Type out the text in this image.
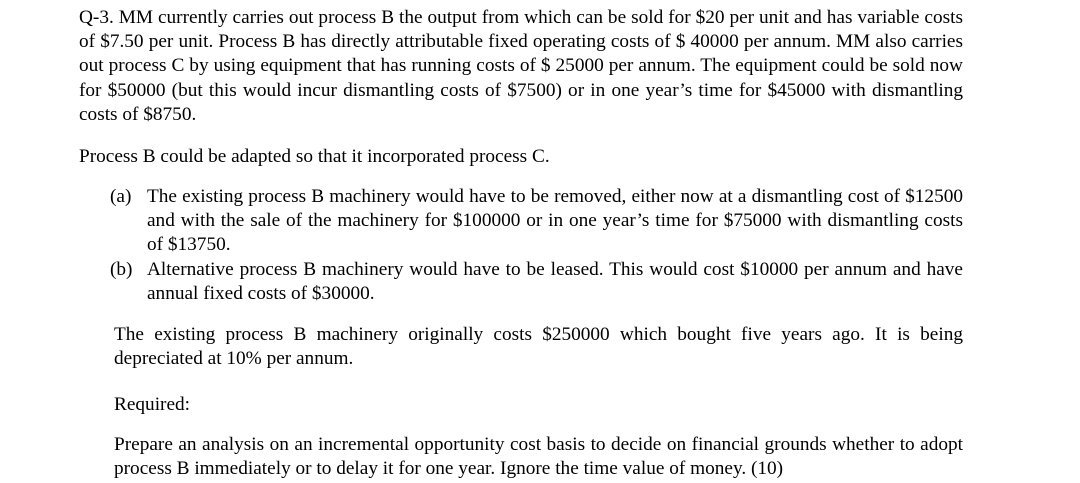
Q-3. MM currently carries out process B the output from which can be sold for $20 per unit and has variable costs of $7.50 per unit. Process B has directly attributable fixed operating costs of $ 40000 per annum. MM also carries out process C by using equipment that has running costs of $ 25000 per annum. The equipment could be sold now for $50000 (but this would incur dismantling costs of $7500) or in one year’s time for $45000 with dismantling costs of $8750.

Process B could be adapted so that it incorporated process C.

(a) The existing process B machinery would have to be removed, either now at a dismantling cost of $12500 and with the sale of the machinery for $100000 or in one year’s time for $75000 with dismantling costs of $13750.
(b) Alternative process B machinery would have to be leased. This would cost $10000 per annum and have annual fixed costs of $30000.

The existing process B machinery originally costs $250000 which bought five years ago. It is being depreciated at 10% per annum.

Required:

Prepare an analysis on an incremental opportunity cost basis to decide on financial grounds whether to adopt process B immediately or to delay it for one year. Ignore the time value of money. (10)
